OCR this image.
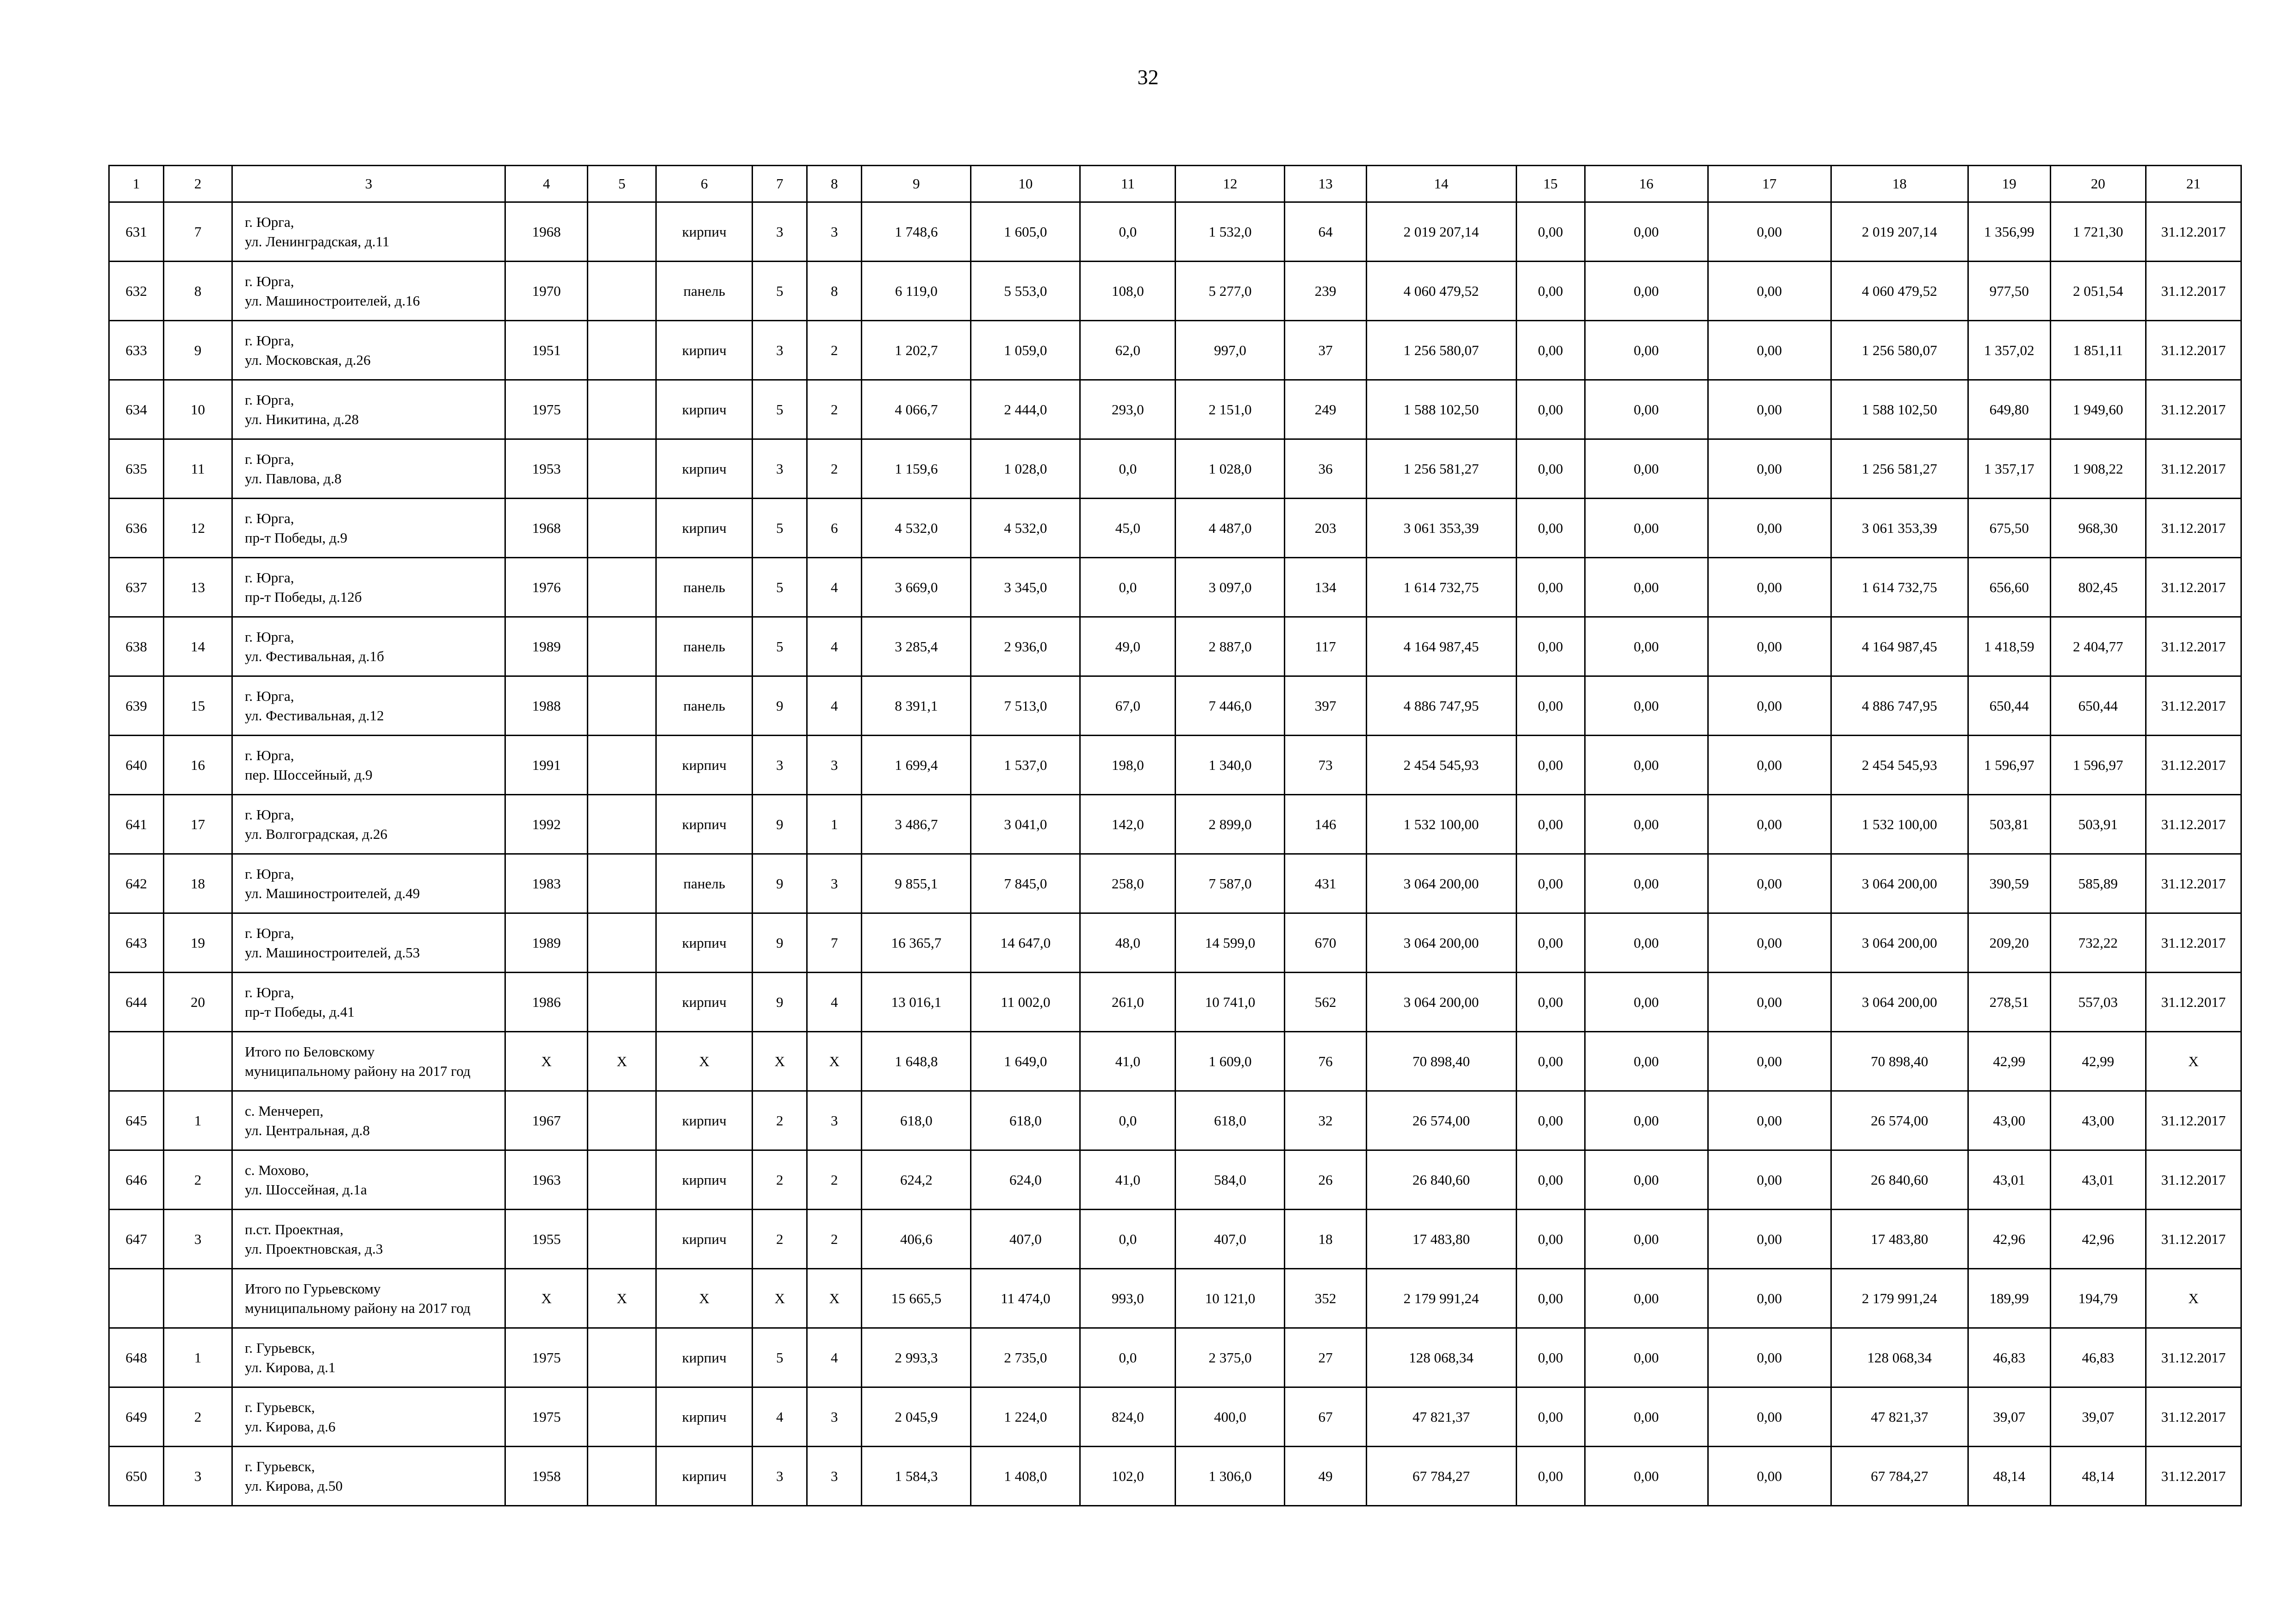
32
1	2	3	4	5	6	7	8	9	10	11	12	13	14	15	16	17	18	19	20	21
631	7	г. Юрга,
ул. Ленинградская, д.11	1968		кирпич	3	3	1 748,6	1 605,0	0,0	1 532,0	64	2 019 207,14	0,00	0,00	0,00	2 019 207,14	1 356,99	1 721,30	31.12.2017
632	8	г. Юрга,
ул. Машиностроителей, д.16	1970		панель	5	8	6 119,0	5 553,0	108,0	5 277,0	239	4 060 479,52	0,00	0,00	0,00	4 060 479,52	977,50	2 051,54	31.12.2017
633	9	г. Юрга,
ул. Московская, д.26	1951		кирпич	3	2	1 202,7	1 059,0	62,0	997,0	37	1 256 580,07	0,00	0,00	0,00	1 256 580,07	1 357,02	1 851,11	31.12.2017
634	10	г. Юрга,
ул. Никитина, д.28	1975		кирпич	5	2	4 066,7	2 444,0	293,0	2 151,0	249	1 588 102,50	0,00	0,00	0,00	1 588 102,50	649,80	1 949,60	31.12.2017
635	11	г. Юрга,
ул. Павлова, д.8	1953		кирпич	3	2	1 159,6	1 028,0	0,0	1 028,0	36	1 256 581,27	0,00	0,00	0,00	1 256 581,27	1 357,17	1 908,22	31.12.2017
636	12	г. Юрга,
пр-т Победы, д.9	1968		кирпич	5	6	4 532,0	4 532,0	45,0	4 487,0	203	3 061 353,39	0,00	0,00	0,00	3 061 353,39	675,50	968,30	31.12.2017
637	13	г. Юрга,
пр-т Победы, д.12б	1976		панель	5	4	3 669,0	3 345,0	0,0	3 097,0	134	1 614 732,75	0,00	0,00	0,00	1 614 732,75	656,60	802,45	31.12.2017
638	14	г. Юрга,
ул. Фестивальная, д.1б	1989		панель	5	4	3 285,4	2 936,0	49,0	2 887,0	117	4 164 987,45	0,00	0,00	0,00	4 164 987,45	1 418,59	2 404,77	31.12.2017
639	15	г. Юрга,
ул. Фестивальная, д.12	1988		панель	9	4	8 391,1	7 513,0	67,0	7 446,0	397	4 886 747,95	0,00	0,00	0,00	4 886 747,95	650,44	650,44	31.12.2017
640	16	г. Юрга,
пер. Шоссейный, д.9	1991		кирпич	3	3	1 699,4	1 537,0	198,0	1 340,0	73	2 454 545,93	0,00	0,00	0,00	2 454 545,93	1 596,97	1 596,97	31.12.2017
641	17	г. Юрга,
ул. Волгоградская, д.26	1992		кирпич	9	1	3 486,7	3 041,0	142,0	2 899,0	146	1 532 100,00	0,00	0,00	0,00	1 532 100,00	503,81	503,91	31.12.2017
642	18	г. Юрга,
ул. Машиностроителей, д.49	1983		панель	9	3	9 855,1	7 845,0	258,0	7 587,0	431	3 064 200,00	0,00	0,00	0,00	3 064 200,00	390,59	585,89	31.12.2017
643	19	г. Юрга,
ул. Машиностроителей, д.53	1989		кирпич	9	7	16 365,7	14 647,0	48,0	14 599,0	670	3 064 200,00	0,00	0,00	0,00	3 064 200,00	209,20	732,22	31.12.2017
644	20	г. Юрга,
пр-т Победы, д.41	1986		кирпич	9	4	13 016,1	11 002,0	261,0	10 741,0	562	3 064 200,00	0,00	0,00	0,00	3 064 200,00	278,51	557,03	31.12.2017

		Итого по Беловскому
муниципальному району на 2017 год	X	X	X	X	X	1 648,8	1 649,0	41,0	1 609,0	76	70 898,40	0,00	0,00	0,00	70 898,40	42,99	42,99	X
645	1	с. Менчереп,
ул. Центральная, д.8	1967		кирпич	2	3	618,0	618,0	0,0	618,0	32	26 574,00	0,00	0,00	0,00	26 574,00	43,00	43,00	31.12.2017
646	2	с. Мохово,
ул. Шоссейная, д.1а	1963		кирпич	2	2	624,2	624,0	41,0	584,0	26	26 840,60	0,00	0,00	0,00	26 840,60	43,01	43,01	31.12.2017
647	3	п.ст. Проектная,
ул. Проектновская, д.3	1955		кирпич	2	2	406,6	407,0	0,0	407,0	18	17 483,80	0,00	0,00	0,00	17 483,80	42,96	42,96	31.12.2017

		Итого по Гурьевскому
муниципальному району на 2017 год	X	X	X	X	X	15 665,5	11 474,0	993,0	10 121,0	352	2 179 991,24	0,00	0,00	0,00	2 179 991,24	189,99	194,79	X
648	1	г. Гурьевск,
ул. Кирова, д.1	1975		кирпич	5	4	2 993,3	2 735,0	0,0	2 375,0	27	128 068,34	0,00	0,00	0,00	128 068,34	46,83	46,83	31.12.2017
649	2	г. Гурьевск,
ул. Кирова, д.6	1975		кирпич	4	3	2 045,9	1 224,0	824,0	400,0	67	47 821,37	0,00	0,00	0,00	47 821,37	39,07	39,07	31.12.2017
650	3	г. Гурьевск,
ул. Кирова, д.50	1958		кирпич	3	3	1 584,3	1 408,0	102,0	1 306,0	49	67 784,27	0,00	0,00	0,00	67 784,27	48,14	48,14	31.12.2017
